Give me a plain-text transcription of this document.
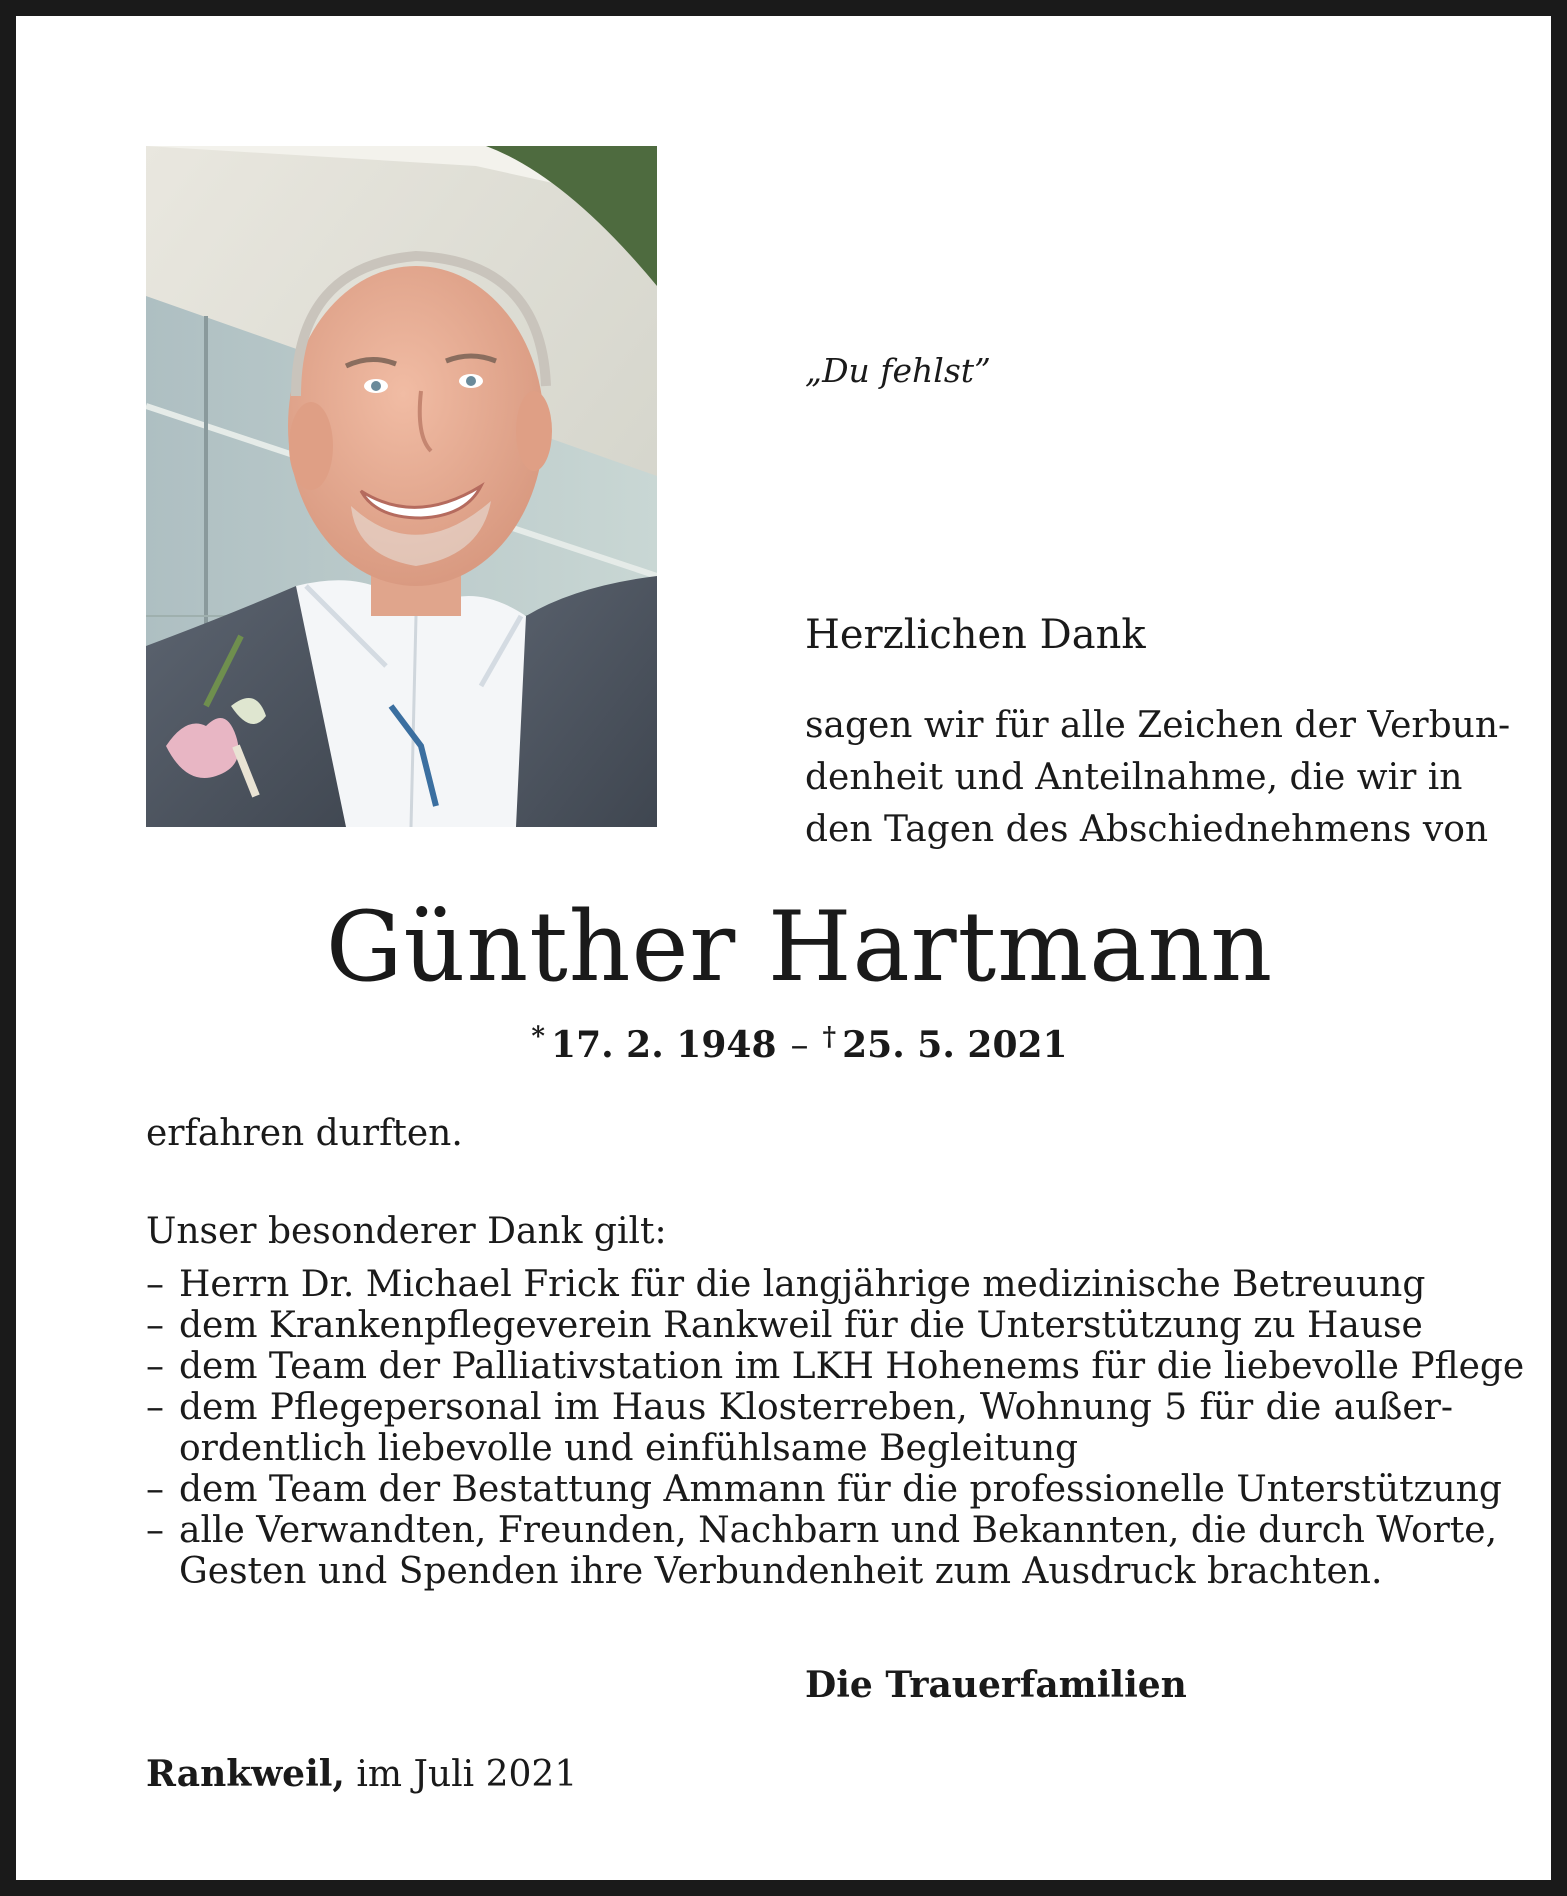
„Du fehlst”
Herzlichen Dank
sagen wir für alle Zeichen der Verbun-
denheit und Anteilnahme, die wir in
den Tagen des Abschiednehmens von
Günther Hartmann
* 17. 2. 1948 – † 25. 5. 2021
erfahren durften.
Unser besonderer Dank gilt:
– Herrn Dr. Michael Frick für die langjährige medizinische Betreuung
– dem Krankenpflegeverein Rankweil für die Unterstützung zu Hause
– dem Team der Palliativstation im LKH Hohenems für die liebevolle Pflege
– dem Pflegepersonal im Haus Klosterreben, Wohnung 5 für die außer-
ordentlich liebevolle und einfühlsame Begleitung
– dem Team der Bestattung Ammann für die professionelle Unterstützung
– alle Verwandten, Freunden, Nachbarn und Bekannten, die durch Worte,
Gesten und Spenden ihre Verbundenheit zum Ausdruck brachten.
Die Trauerfamilien
Rankweil, im Juli 2021
